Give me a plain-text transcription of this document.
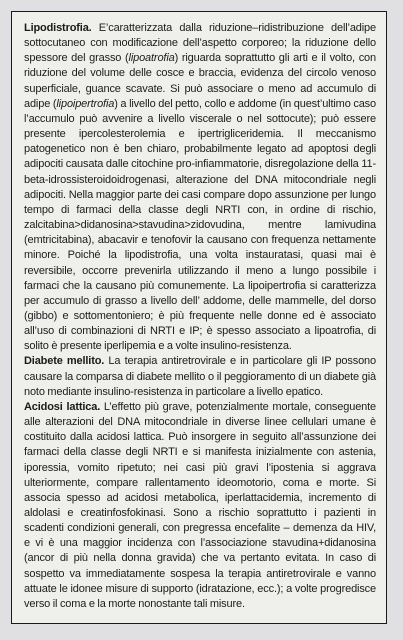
Lipodistrofia. E’caratterizzata dalla riduzione–ridistribuzione dell’adipe sottocutaneo con modificazione dell’aspetto corporeo; la riduzione dello spessore del grasso (lipoatrofia) riguarda soprattutto gli arti e il volto, con riduzione del volume delle cosce e braccia, evidenza del circolo venoso superficiale, guance scavate. Si può associare o meno ad accumulo di adipe (lipoipertrofia) a livello del petto, collo e addome (in quest’ultimo caso l’accumulo può avvenire a livello viscerale o nel sottocute); può essere presente ipercolesterolemia e ipertrigliceridemia. Il meccanismo patogenetico non è ben chiaro, probabilmente legato ad apoptosi degli adipociti causata dalle citochine pro-infiammatorie, disregolazione della 11-beta-idrossisteroidoidrogenasi, alterazione del DNA mitocondriale negli adipociti. Nella maggior parte dei casi compare dopo assunzione per lungo tempo di farmaci della classe degli NRTI con, in ordine di rischio, zalcitabina>didanosina>stavudina>zidovudina, mentre lamivudina (emtricitabina), abacavir e tenofovir la causano con frequenza nettamente minore. Poiché la lipodistrofia, una volta instauratasi, quasi mai è reversibile, occorre prevenirla utilizzando il meno a lungo possibile i farmaci che la causano più comunemente. La lipoipertrofia si caratterizza per accumulo di grasso a livello dell’ addome, delle mammelle, del dorso (gibbo) e sottomentoniero; è più frequente nelle donne ed è associato all’uso di combinazioni di NRTI e IP; è spesso associato a lipoatrofia, di solito è presente iperlipemia e a volte insulino-resistenza.

Diabete mellito. La terapia antiretrovirale e in particolare gli IP possono causare la comparsa di diabete mellito o il peggioramento di un diabete già noto mediante insulino-resistenza in particolare a livello epatico.

Acidosi lattica. L’effetto più grave, potenzialmente mortale, conseguente alle alterazioni del DNA mitocondriale in diverse linee cellulari umane è costituito dalla acidosi lattica. Può insorgere in seguito all’assunzione dei farmaci della classe degli NRTI e si manifesta inizialmente con astenia, iporessia, vomito ripetuto; nei casi più gravi l’ipostenia si aggrava ulteriormente, compare rallentamento ideomotorio, coma e morte. Si associa spesso ad acidosi metabolica, iperlattacidemia, incremento di aldolasi e creatinfosfokinasi. Sono a rischio soprattutto i pazienti in scadenti condizioni generali, con pregressa encefalite – demenza da HIV, e vi è una maggior incidenza con l’associazione stavudina+didanosina (ancor di più nella donna gravida) che va pertanto evitata. In caso di sospetto va immediatamente sospesa la terapia antiretrovirale e vanno attuate le idonee misure di supporto (idratazione, ecc.); a volte progredisce verso il coma e la morte nonostante tali misure.
